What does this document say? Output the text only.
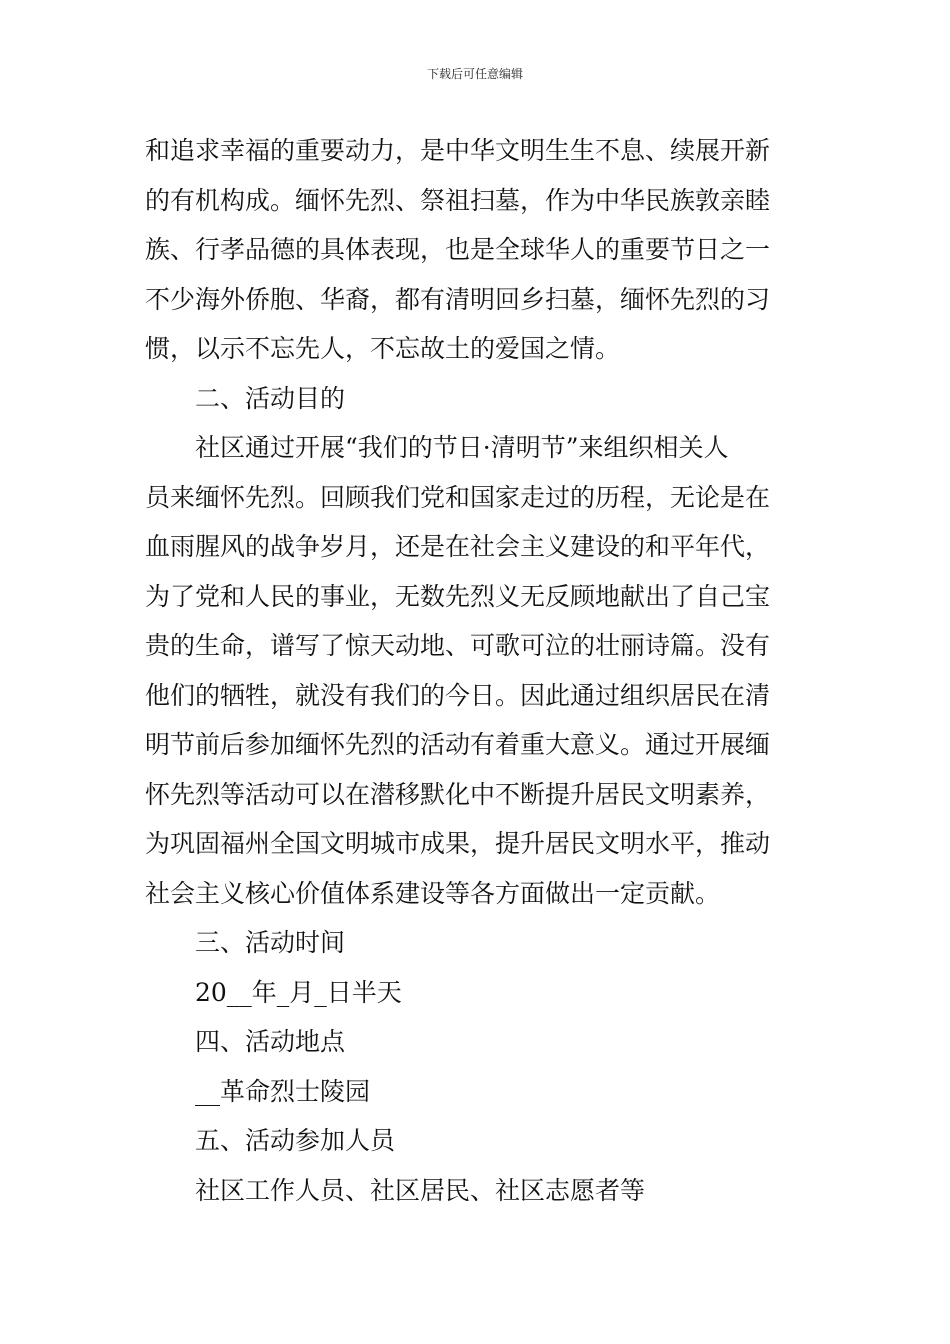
下载后可任意编辑
和追求幸福的重要动力，是中华文明生生不息、续展开新
的有机构成。缅怀先烈、祭祖扫墓，作为中华民族敦亲睦
族、行孝品德的具体表现，也是全球华人的重要节日之一
不少海外侨胞、华裔，都有清明回乡扫墓，缅怀先烈的习
惯，以示不忘先人，不忘故土的爱国之情。
二、活动目的
社区通过开展“我们的节日·清明节”来组织相关人
员来缅怀先烈。回顾我们党和国家走过的历程，无论是在
血雨腥风的战争岁月，还是在社会主义建设的和平年代，
为了党和人民的事业，无数先烈义无反顾地献出了自己宝
贵的生命，谱写了惊天动地、可歌可泣的壮丽诗篇。没有
他们的牺牲，就没有我们的今日。因此通过组织居民在清
明节前后参加缅怀先烈的活动有着重大意义。通过开展缅
怀先烈等活动可以在潜移默化中不断提升居民文明素养，
为巩固福州全国文明城市成果，提升居民文明水平，推动
社会主义核心价值体系建设等各方面做出一定贡献。
三、活动时间
20__年_月_日半天
四、活动地点
__革命烈士陵园
五、活动参加人员
社区工作人员、社区居民、社区志愿者等
